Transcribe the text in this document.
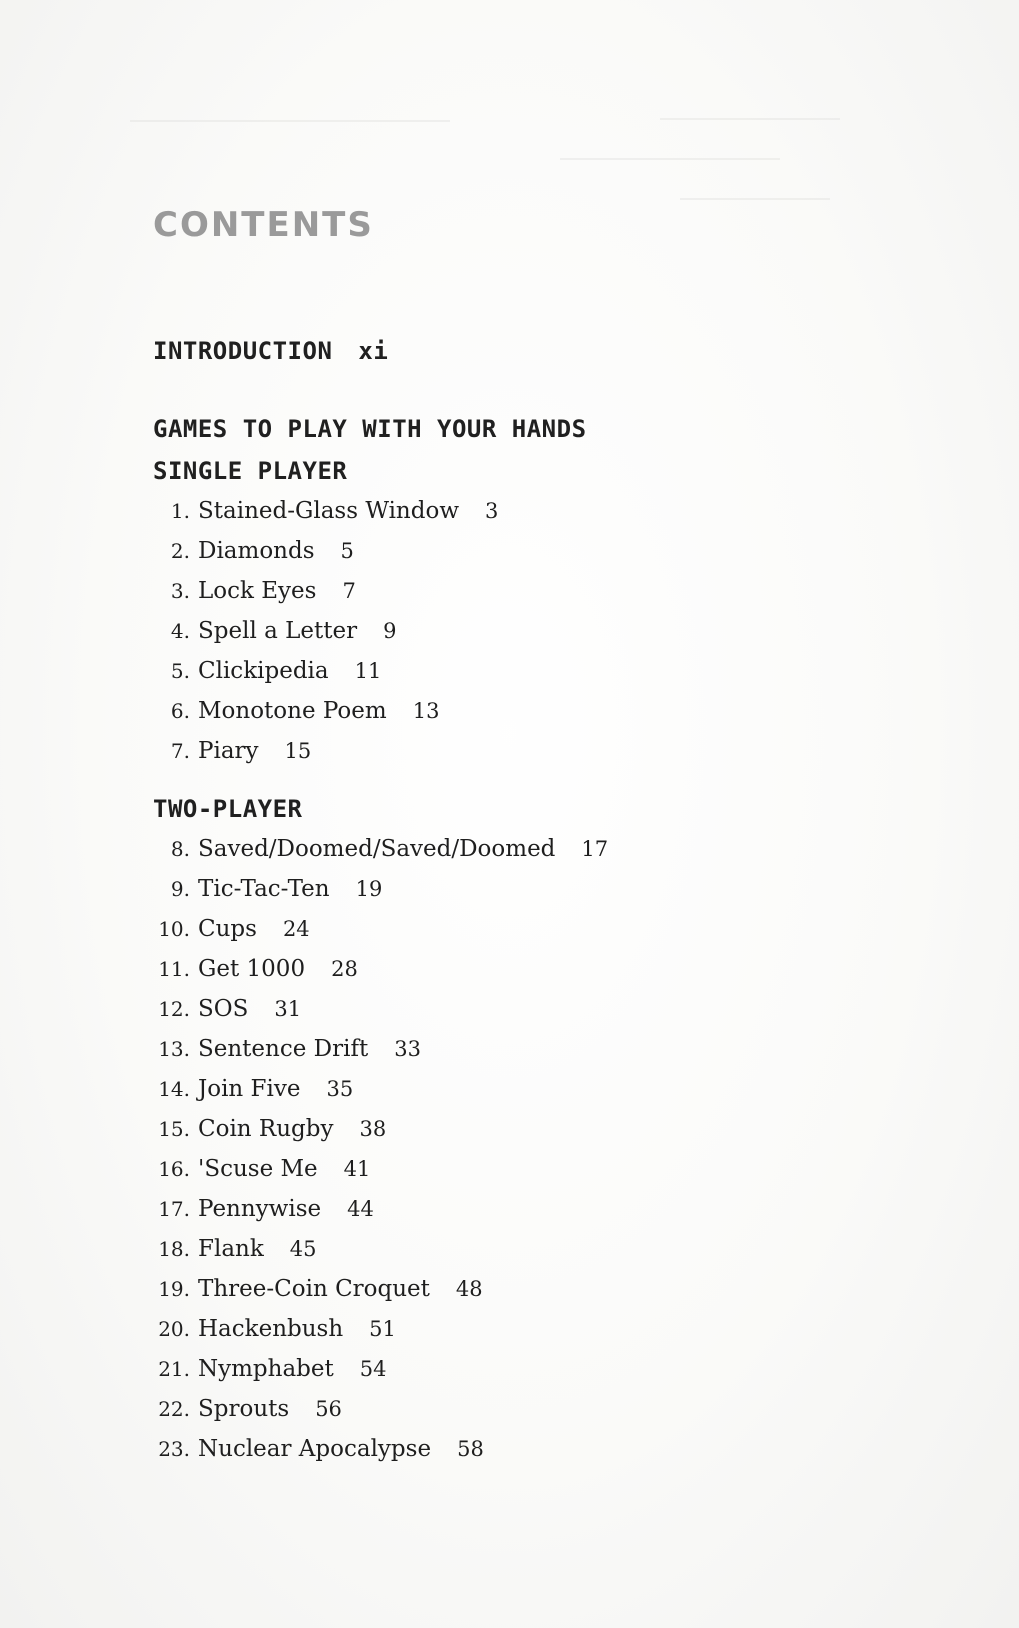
CONTENTS
INTRODUCTION xi
GAMES TO PLAY WITH YOUR HANDS
SINGLE PLAYER
1. Stained-Glass Window 3
2. Diamonds 5
3. Lock Eyes 7
4. Spell a Letter 9
5. Clickipedia 11
6. Monotone Poem 13
7. Piary 15
TWO-PLAYER
8. Saved/Doomed/Saved/Doomed 17
9. Tic-Tac-Ten 19
10. Cups 24
11. Get 1000 28
12. SOS 31
13. Sentence Drift 33
14. Join Five 35
15. Coin Rugby 38
16. 'Scuse Me 41
17. Pennywise 44
18. Flank 45
19. Three-Coin Croquet 48
20. Hackenbush 51
21. Nymphabet 54
22. Sprouts 56
23. Nuclear Apocalypse 58
